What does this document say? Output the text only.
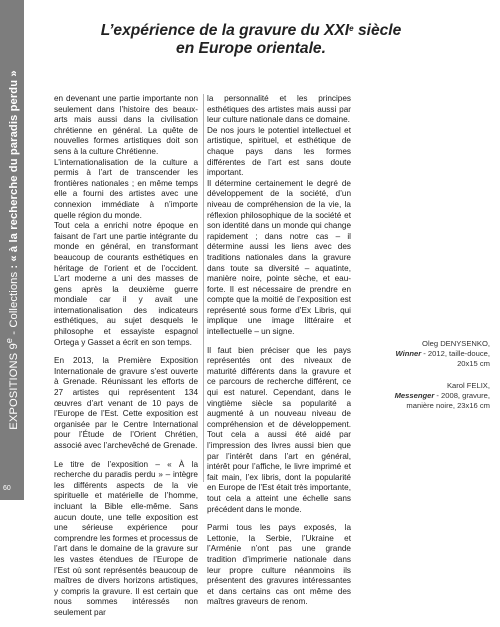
EXPOSITIONS 9e - Collections : « à la recherche du paradis perdu »
60
L’expérience de la gravure du XXIe siècle
en Europe orientale.

en devenant une partie importante non seulement dans l’histoire des beaux-arts mais aussi dans la civilisation chrétienne en général. La quête de nouvelles formes artistiques doit son sens à la culture Chrétienne.

L’internationalisation de la culture a permis à l’art de transcender les frontières nationales ; en même temps elle a fourni des artistes avec une connexion immédiate à n’importe quelle région du monde.

Tout cela a enrichi notre époque en faisant de l’art une partie intégrante du monde en général, en transformant beaucoup de courants esthétiques en héritage de l’orient et de l’occident. L’art moderne a uni des masses de gens après la deuxième guerre mondiale car il y avait une internationalisation des indicateurs esthétiques, au sujet desquels le philosophe et essayiste espagnol Ortega y Gasset a écrit en son temps.

En 2013, la Première Exposition Internationale de gravure s’est ouverte à Grenade. Réunissant les efforts de 27 artistes qui représentent 134 œuvres d’art venant de 10 pays de l’Europe de l’Est. Cette exposition est organisée par le Centre International pour l’Étude de l’Orient Chrétien, associé avec l’archevêché de Grenade.

Le titre de l’exposition – « À la recherche du paradis perdu » – intègre les différents aspects de la vie spirituelle et matérielle de l’homme, incluant la Bible elle-même. Sans aucun doute, une telle exposition est une sérieuse expérience pour comprendre les formes et processus de l’art dans le domaine de la gravure sur les vastes étendues de l’Europe de l’Est où sont représentés beaucoup de maîtres de divers horizons artistiques, y compris la gravure. Il est certain que nous sommes intéressés non seulement par

la personnalité et les principes esthétiques des artistes mais aussi par leur culture nationale dans ce domaine.

De nos jours le potentiel intellectuel et artistique, spirituel, et esthétique de chaque pays dans les formes différentes de l’art est sans doute important.

Il détermine certainement le degré de développement de la société, d’un niveau de compréhension de la vie, la réflexion philosophique de la société et son identité dans un monde qui change rapidement ; dans notre cas – il détermine aussi les liens avec des traditions nationales dans la gravure dans toute sa diversité – aquatinte, manière noire, pointe sèche, et eau-forte. Il est nécessaire de prendre en compte que la moitié de l’exposition est représenté sous forme d’Ex Libris, qui implique une image littéraire et intellectuelle – un signe.

Il faut bien préciser que les pays représentés ont des niveaux de maturité différents dans la gravure et ce parcours de recherche différent, ce qui est naturel. Cependant, dans le vingtième siècle sa popularité a augmenté à un nouveau niveau de compréhension et de développement. Tout cela a aussi été aidé par l’impression des livres aussi bien que par l’intérêt dans l’art en général, intérêt pour l’affiche, le livre imprimé et fait main, l’ex libris, dont la popularité en Europe de l’Est était très importante, tout cela a atteint une échelle sans précédent dans le monde.

Parmi tous les pays exposés, la Lettonie, la Serbie, l’Ukraine et l’Arménie n’ont pas une grande tradition d’imprimerie nationale dans leur propre culture néanmoins ils présentent des gravures intéressantes et dans certains cas ont même des maîtres graveurs de renom.

Oleg DENYSENKO,
Winner - 2012, taille-douce,
20x15 cm
Karol FELIX,
Messenger - 2008, gravure,
manière noire, 23x16 cm
